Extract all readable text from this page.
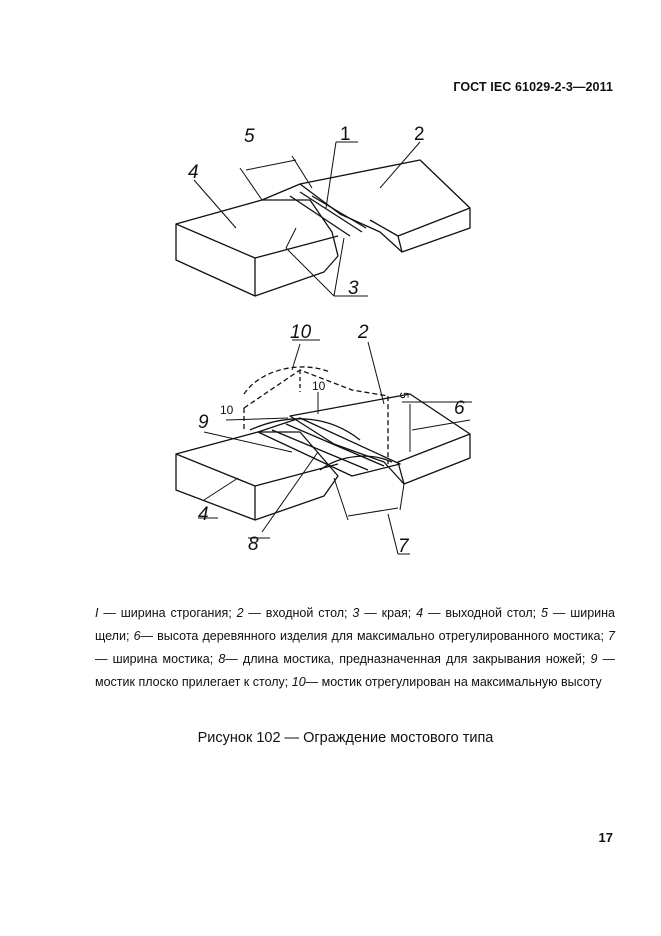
ГОСТ IEC 61029-2-3—2011
5	1	2
4
3
10 2
6
9
4
8	7
10
10
5
I — ширина строгания; 2 — входной стол; 3 — края; 4 — выходной стол; 5 — ширина щели; 6— высота деревянного изделия для максимально отрегулированного мостика; 7 — ширина мостика; 8— длина мостика, предназначенная для закрывания ножей; 9 — мостик плоско прилегает к столу; 10— мостик отрегулирован на максимальную высоту
Рисунок 102 — Ограждение мостового типа
17
